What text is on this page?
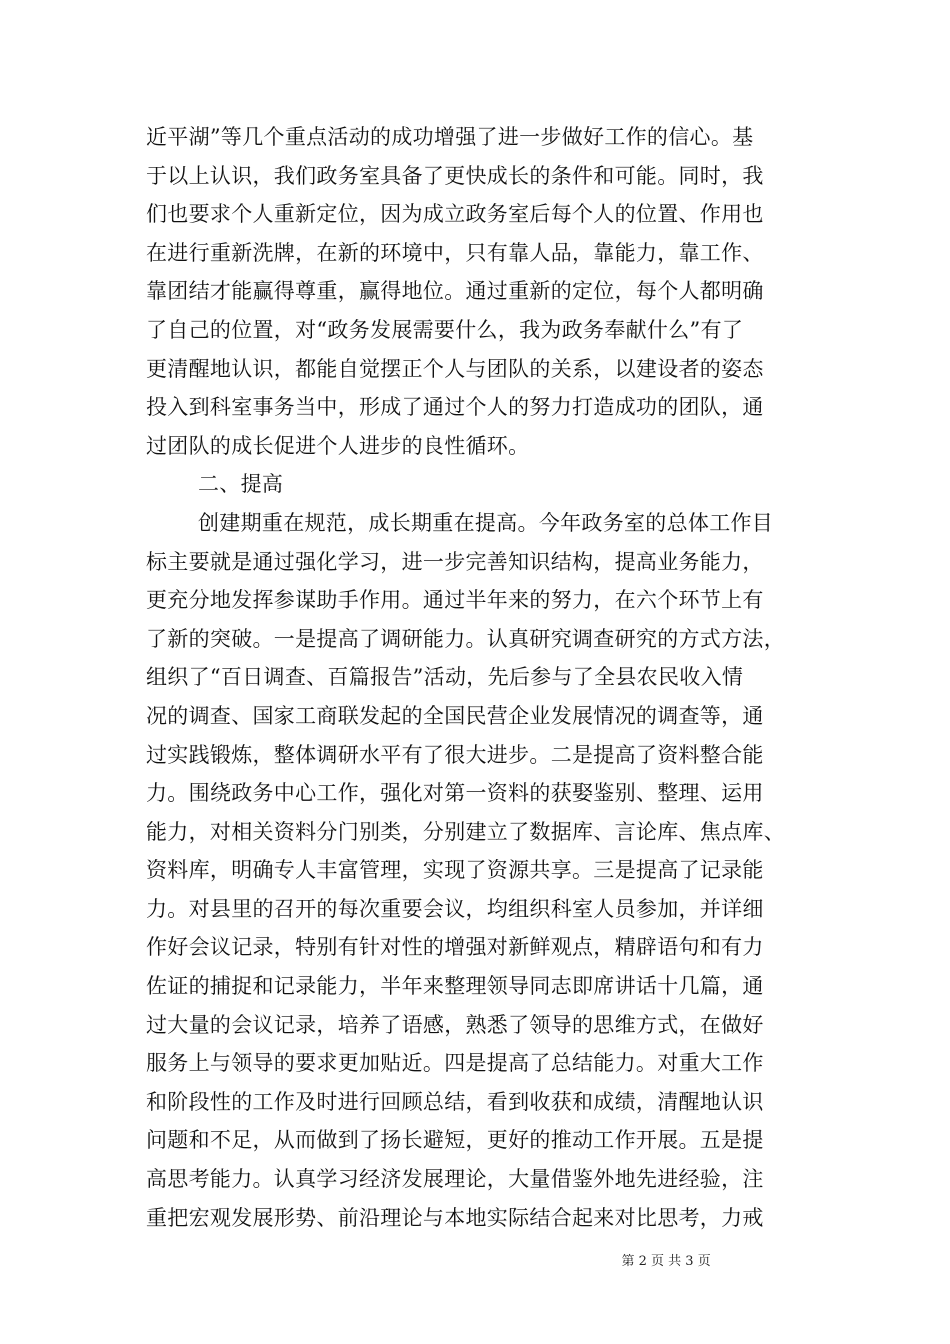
近平湖”等几个重点活动的成功增强了进一步做好工作的信心。基
于以上认识，我们政务室具备了更快成长的条件和可能。同时，我
们也要求个人重新定位，因为成立政务室后每个人的位置、作用也
在进行重新洗牌，在新的环境中，只有靠人品，靠能力，靠工作、
靠团结才能赢得尊重，赢得地位。通过重新的定位，每个人都明确
了自己的位置，对“政务发展需要什么，我为政务奉献什么”有了
更清醒地认识，都能自觉摆正个人与团队的关系，以建设者的姿态
投入到科室事务当中，形成了通过个人的努力打造成功的团队，通
过团队的成长促进个人进步的良性循环。
二、提高
创建期重在规范，成长期重在提高。今年政务室的总体工作目
标主要就是通过强化学习，进一步完善知识结构，提高业务能力，
更充分地发挥参谋助手作用。通过半年来的努力，在六个环节上有
了新的突破。一是提高了调研能力。认真研究调查研究的方式方法，
组织了“百日调查、百篇报告”活动，先后参与了全县农民收入情
况的调查、国家工商联发起的全国民营企业发展情况的调查等，通
过实践锻炼，整体调研水平有了很大进步。二是提高了资料整合能
力。围绕政务中心工作，强化对第一资料的获娶鉴别、整理、运用
能力，对相关资料分门别类，分别建立了数据库、言论库、焦点库、
资料库，明确专人丰富管理，实现了资源共享。三是提高了记录能
力。对县里的召开的每次重要会议，均组织科室人员参加，并详细
作好会议记录，特别有针对性的增强对新鲜观点，精辟语句和有力
佐证的捕捉和记录能力，半年来整理领导同志即席讲话十几篇，通
过大量的会议记录，培养了语感，熟悉了领导的思维方式，在做好
服务上与领导的要求更加贴近。四是提高了总结能力。对重大工作
和阶段性的工作及时进行回顾总结，看到收获和成绩，清醒地认识
问题和不足，从而做到了扬长避短，更好的推动工作开展。五是提
高思考能力。认真学习经济发展理论，大量借鉴外地先进经验，注
重把宏观发展形势、前沿理论与本地实际结合起来对比思考，力戒
第 2 页 共 3 页
